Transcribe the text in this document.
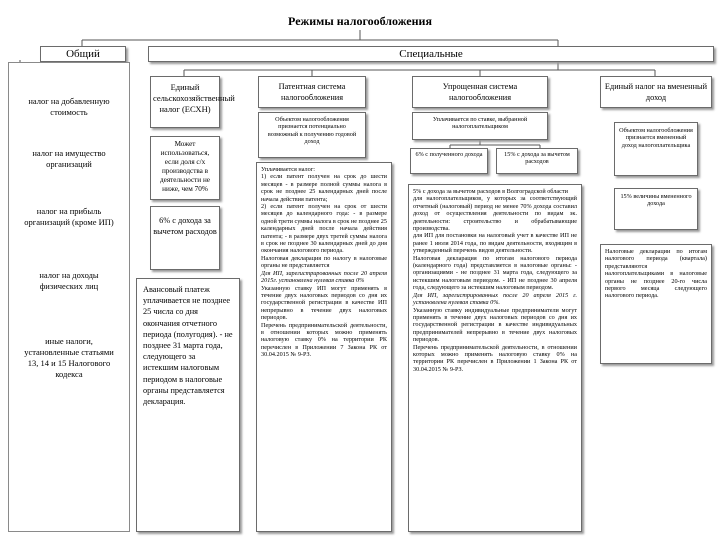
Режимы налогообложения
Общий
налог на добавленную стоимость
налог на имущество организаций
налог на прибыль организаций (кроме ИП)
налог на доходы физических лиц
иные налоги, установленные статьями 13, 14 и 15 Налогового кодекса
Специальные
Единый сельскохозяйственный налог (ЕСХН)
Может использоваться, если доля с/х производства в деятельности не ниже, чем 70%
6% с дохода за вычетом расходов
Авансовый платеж уплачивается не позднее 25 числа со дня окончания отчетного периода (полугодия). - не позднее 31 марта года, следующего за истекшим налоговым периодом в налоговые органы представляется декларация.
Патентная система налогообложения
Объектом налогообложения признается потенциально возможный к получению годовой доход
Уплачивается налог:
1) если патент получен на срок до шести месяцев - в размере полной суммы налога в срок не позднее 25 календарных дней после начала действия патента;
2) если патент получен на срок от шести месяцев до календарного года: - в размере одной трети суммы налога в срок не позднее 25 календарных дней после начала действия патента; - в размере двух третей суммы налога в срок не позднее 30 календарных дней до дня окончания налогового периода.
Налоговая декларация по налогу в налоговые органы не представляется
Для ИП, зарегистрированных после 20 апреля 2015г. установлена нулевая ставка 0%
Указанную ставку ИП могут применять в течение двух налоговых периодов со дня их государственной регистрации в качестве ИП непрерывно в течение двух налоговых периодов.
Перечень предпринимательской деятельности, в отношении которых можно применять налоговую ставку 0% на территории РК перечислен в Приложении 7 Закона РК от 30.04.2015 № 9-РЗ.
Упрощенная система налогообложения
Уплачивается по ставке, выбранной налогоплательщиком
6% с полученного дохода	15% с дохода за вычетом расходов
5% с дохода за вычетом расходов в Волгоградской области
для налогоплательщиков, у которых за соответствующий отчетный (налоговый) период не менее 70% дохода составил доход от осуществления деятельности по видам эк. деятельности: строительство и обрабатывающие производства.
для ИП для постановки на налоговый учет в качестве ИП не ранее 1 июля 2014 года, по видам деятельности, входящим в утвержденный перечень видов деятельности.
Налоговая декларация по итогам налогового периода (календарного года) представляется в налоговые органы: - организациями - не позднее 31 марта года, следующего за истекшим налоговым периодом. - ИП не позднее 30 апреля года, следующего за истекшим налоговым периодом.
Для ИП, зарегистрированных после 20 апреля 2015 г. установлена нулевая ставка 0%.
Указанную ставку индивидуальные предприниматели могут применять в течение двух налоговых периодов со дня их государственной регистрации в качестве индивидуальных предпринимателей непрерывно в течение двух налоговых периодов.
Перечень предпринимательской деятельности, в отношении которых можно применять налоговую ставку 0% на территории РК перечислен в Приложении 1 Закона РК от 30.04.2015 № 9-РЗ.
Единый налог на вмененный доход
Объектом налогообложения признается вмененный доход налогоплательщика
15% величины вмененного дохода
Налоговые декларации по итогам налогового периода (квартала) представляются налогоплательщиками в налоговые органы не позднее 20-го числа первого месяца следующего налогового периода.
